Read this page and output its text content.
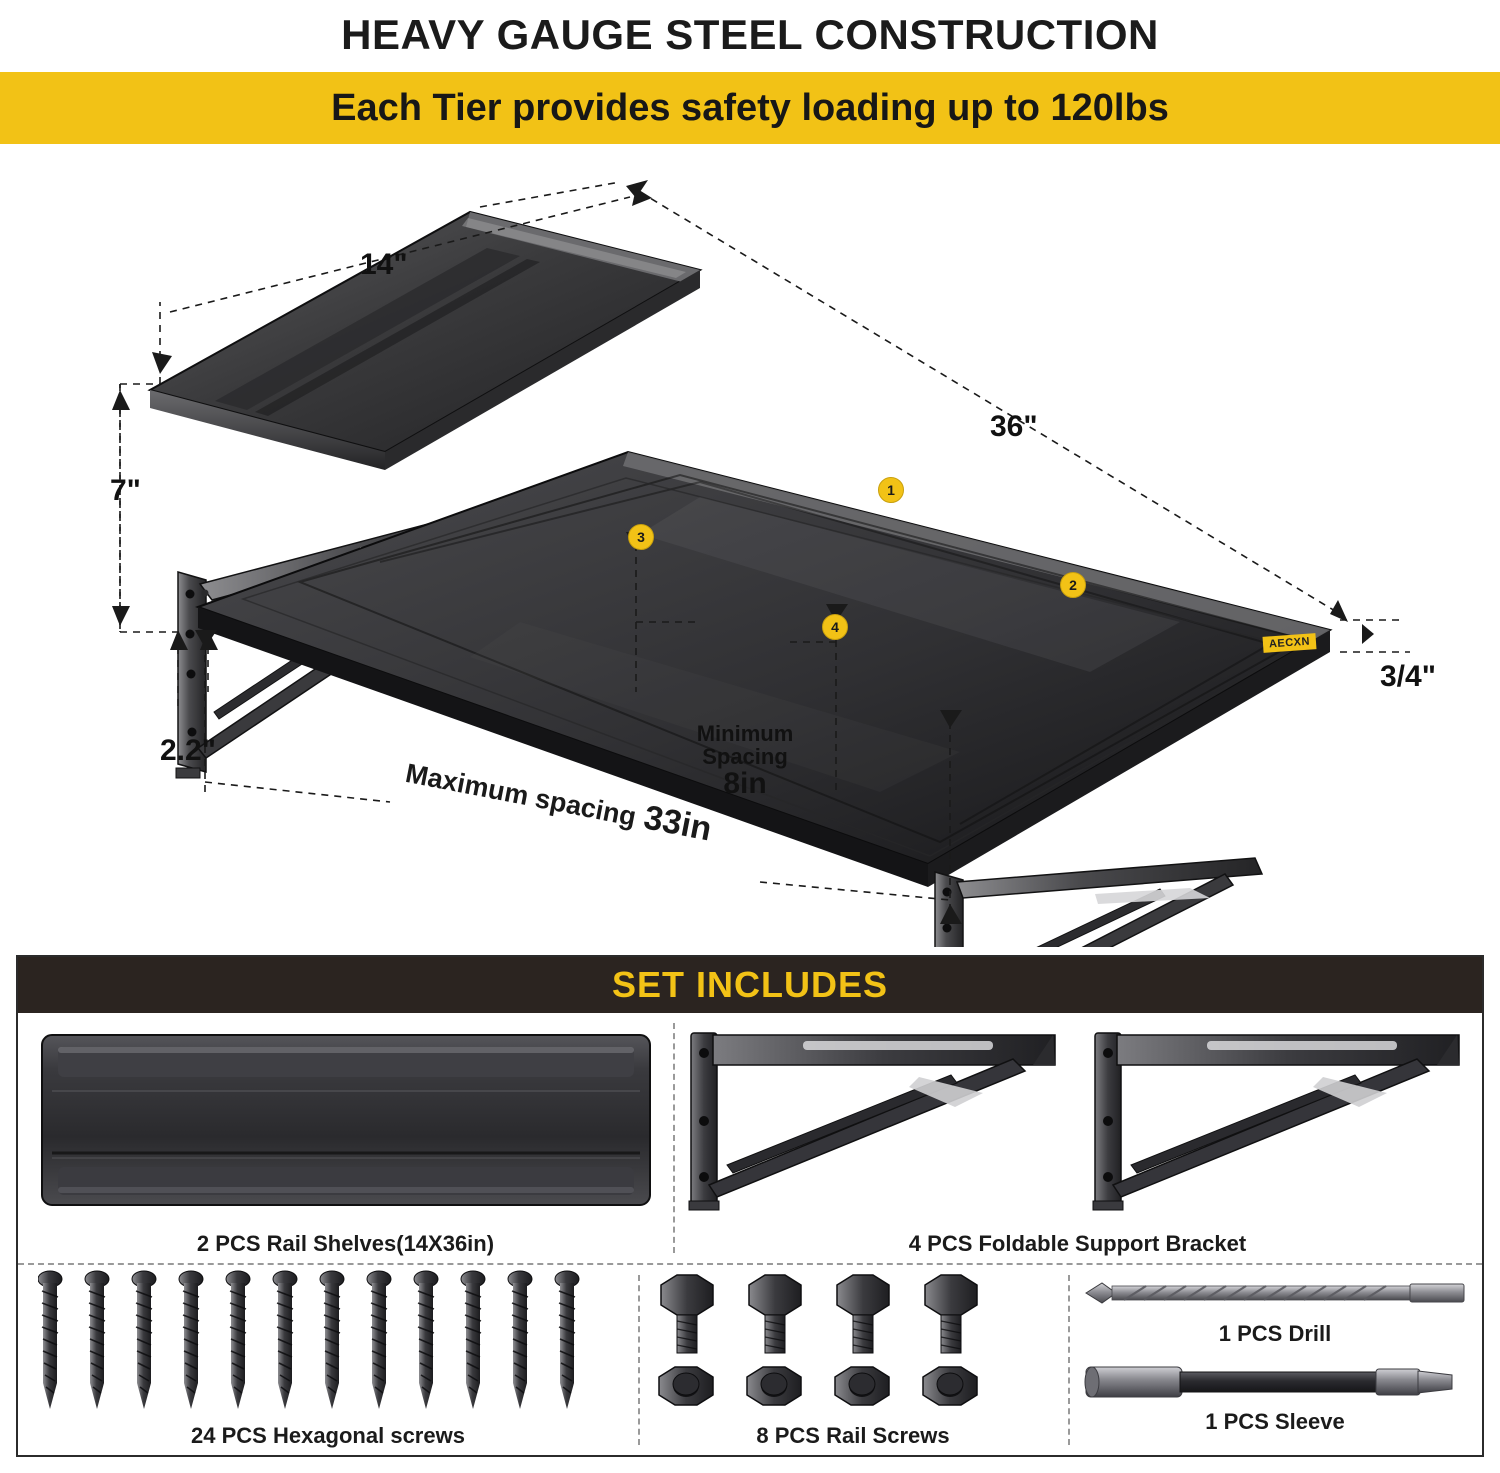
HEAVY GAUGE STEEL CONSTRUCTION
Each Tier provides safety loading up to 120lbs
14"
36"
7"
2.2"
3/4"
Minimum
Spacing
8in
Maximum spacing 33in
1
2
3
4
AECXN
SET INCLUDES
2 PCS Rail Shelves(14X36in)	4 PCS Foldable Support Bracket
24 PCS Hexagonal screws	8 PCS Rail Screws
1 PCS Drill
1 PCS Sleeve
